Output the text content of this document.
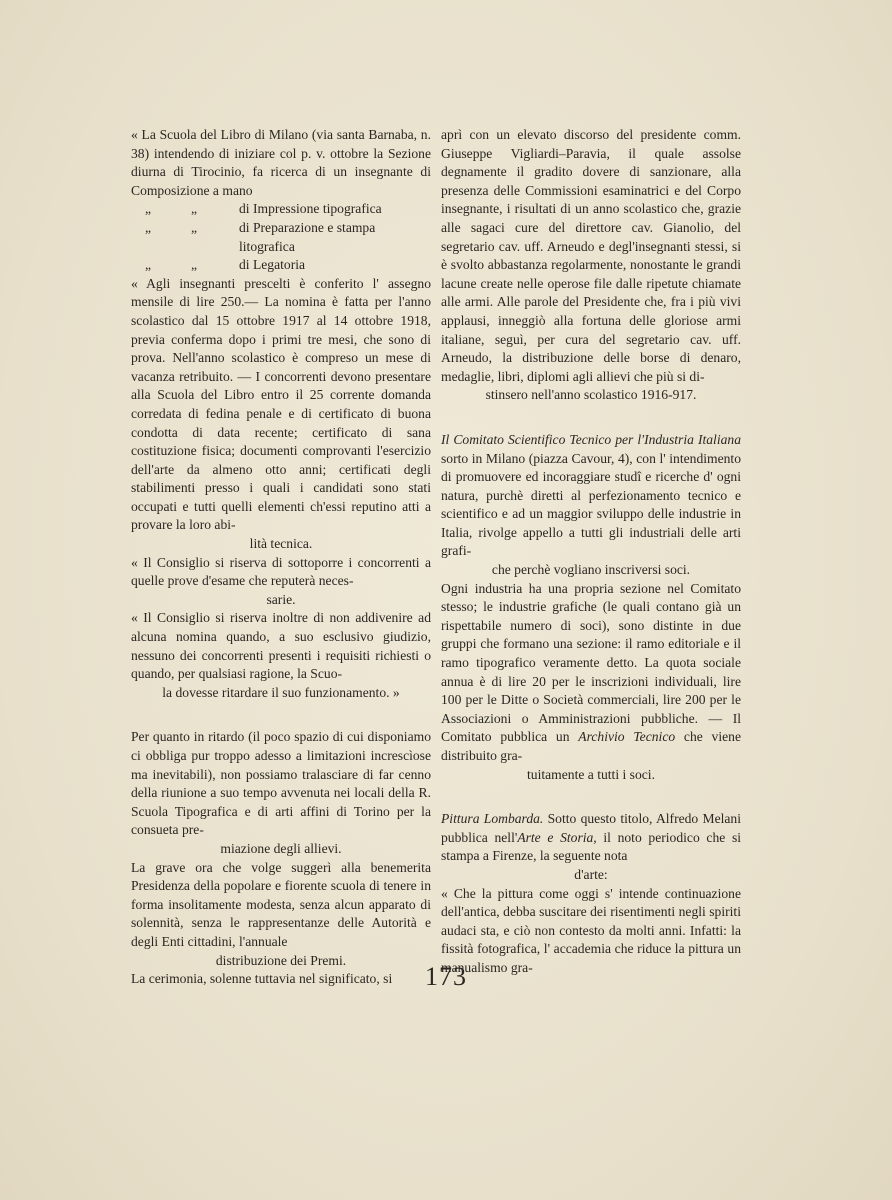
« La Scuola del Libro di Milano (via santa Barnaba, n. 38) intendendo di iniziare col p. v. ottobre la Sezione diurna di Tirocinio, fa ricerca di un insegnante di Composizione a mano

„	„	di Impressione tipografica
„	„	di Preparazione e stampa litografica
„	„	di Legatoria

« Agli insegnanti prescelti è conferito l' assegno mensile di lire 250.— La nomina è fatta per l'anno scolastico dal 15 ottobre 1917 al 14 ottobre 1918, previa conferma dopo i primi tre mesi, che sono di prova. Nell'anno scolastico è compreso un mese di vacanza retribuito. — I concorrenti devono presentare alla Scuola del Libro entro il 25 corrente domanda corredata di fedina penale e di certificato di buona condotta di data recente; certificato di sana costituzione fisica; documenti comprovanti l'esercizio dell'arte da almeno otto anni; certificati degli stabilimenti presso i quali i candidati sono stati occupati e tutti quelli elementi ch'essi reputino atti a provare la loro abi-
lità tecnica.

« Il Consiglio si riserva di sottoporre i concorrenti a quelle prove d'esame che reputerà neces-
sarie.

« Il Consiglio si riserva inoltre di non addivenire ad alcuna nomina quando, a suo esclusivo giudizio, nessuno dei concorrenti presenti i requisiti richiesti o quando, per qualsiasi ragione, la Scuo-
la dovesse ritardare il suo funzionamento. »

Per quanto in ritardo (il poco spazio di cui disponiamo ci obbliga pur troppo adesso a limitazioni increscìose ma inevitabili), non possiamo tralasciare di far cenno della riunione a suo tempo avvenuta nei locali della R. Scuola Tipografica e di arti affini di Torino per la consueta pre-
miazione degli allievi.

La grave ora che volge suggerì alla benemerita Presidenza della popolare e fiorente scuola di tenere in forma insolitamente modesta, senza alcun apparato di solennità, senza le rappresentanze delle Autorità e degli Enti cittadini, l'annuale
distribuzione dei Premi.

La cerimonia, solenne tuttavia nel significato, si

aprì con un elevato discorso del presidente comm. Giuseppe Vigliardi–Paravia, il quale assolse degnamente il gradito dovere di sanzionare, alla presenza delle Commissioni esaminatrici e del Corpo insegnante, i risultati di un anno scolastico che, grazie alle sagaci cure del direttore cav. Gianolio, del segretario cav. uff. Arneudo e degl'insegnanti stessi, si è svolto abbastanza regolarmente, nonostante le grandi lacune create nelle operose file dalle ripetute chiamate alle armi. Alle parole del Presidente che, fra i più vivi applausi, inneggiò alla fortuna delle gloriose armi italiane, seguì, per cura del segretario cav. uff. Arneudo, la distribuzione delle borse di denaro, medaglie, libri, diplomi agli allievi che più si di-
stinsero nell'anno scolastico 1916-917.

Il Comitato Scientifico Tecnico per l'Industria Italiana sorto in Milano (piazza Cavour, 4), con l' intendimento di promuovere ed incoraggiare studî e ricerche d' ogni natura, purchè diretti al perfezionamento tecnico e scientifico e ad un maggior sviluppo delle industrie in Italia, rivolge appello a tutti gli industriali delle arti grafi-
che perchè vogliano inscriversi soci.

Ogni industria ha una propria sezione nel Comitato stesso; le industrie grafiche (le quali contano già un rispettabile numero di soci), sono distinte in due gruppi che formano una sezione: il ramo editoriale e il ramo tipografico veramente detto. La quota sociale annua è di lire 20 per le inscrizioni individuali, lire 100 per le Ditte o Società commerciali, lire 200 per le Associazioni o Amministrazioni pubbliche. — Il Comitato pubblica un Archivio Tecnico che viene distribuito gra-
tuitamente a tutti i soci.

Pittura Lombarda. Sotto questo titolo, Alfredo Melani pubblica nell'Arte e Storia, il noto periodico che si stampa a Firenze, la seguente nota
d'arte:

« Che la pittura come oggi s' intende continuazione dell'antica, debba suscitare dei risentimenti negli spiriti audaci sta, e ciò non contesto da molti anni. Infatti: la fissità fotografica, l' accademia che riduce la pittura un manualismo gra-

173
